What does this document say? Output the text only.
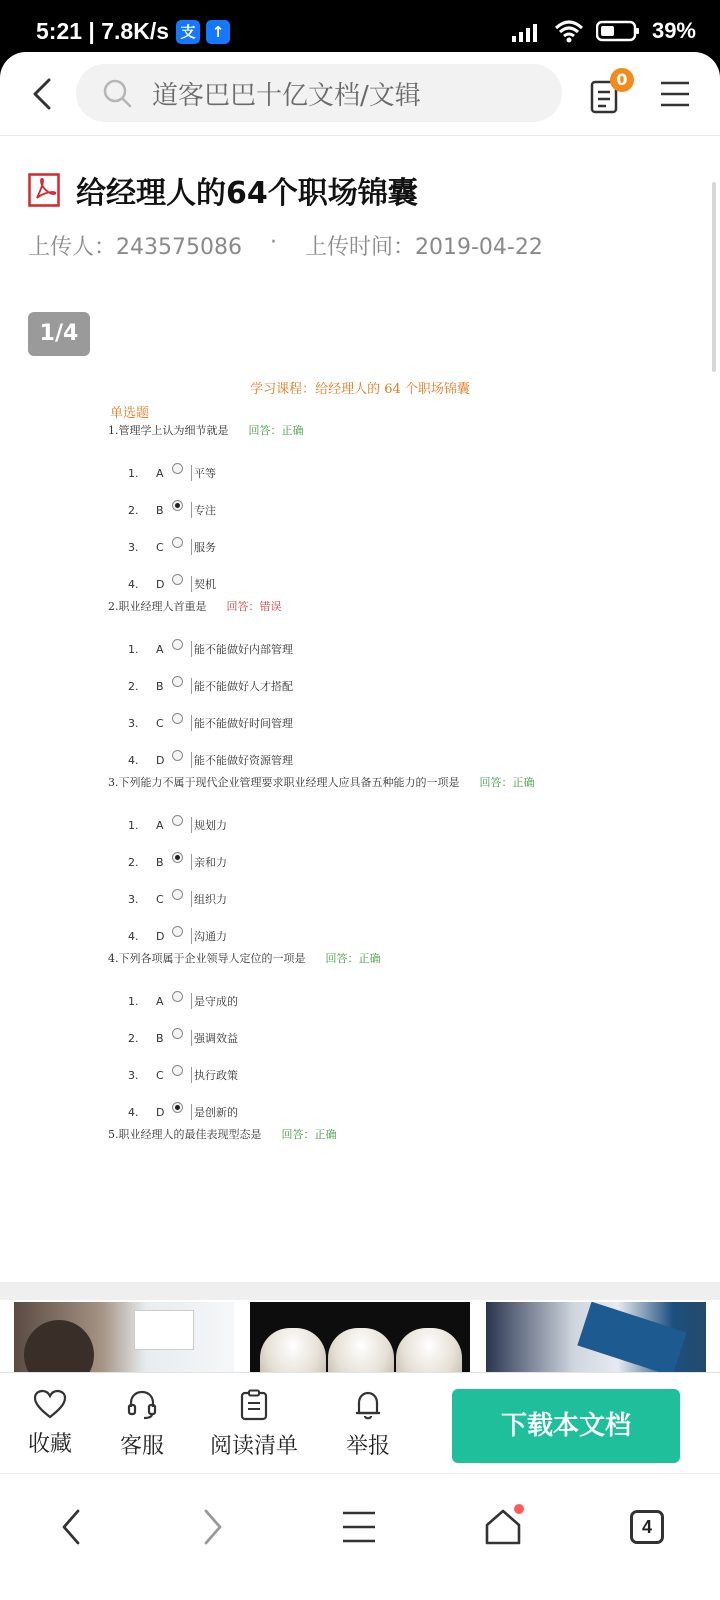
5:21 | 7.8K/s 支	↑	39%
道客巴巴十亿文档/文辑
0
给经理人的64个职场锦囊
上传人：243575086 · 上传时间：2019-04-22
1/4
学习课程：给经理人的 64 个职场锦囊
单选题
1.管理学上认为细节就是 回答：正确
1.	A	平等
2.	B	专注
3.	C	服务
4.	D	契机
2.职业经理人首重是 回答：错误
1.	A	能不能做好内部管理
2.	B	能不能做好人才搭配
3.	C	能不能做好时间管理
4.	D	能不能做好资源管理
3.下列能力不属于现代企业管理要求职业经理人应具备五种能力的一项是 回答：正确
1.	A	规划力
2.	B	亲和力
3.	C	组织力
4.	D	沟通力
4.下列各项属于企业领导人定位的一项是 回答：正确
1.	A	是守成的
2.	B	强调效益
3.	C	执行政策
4.	D	是创新的
5.职业经理人的最佳表现型态是 回答：正确
收藏 客服 阅读清单 举报
下载本文档
4
